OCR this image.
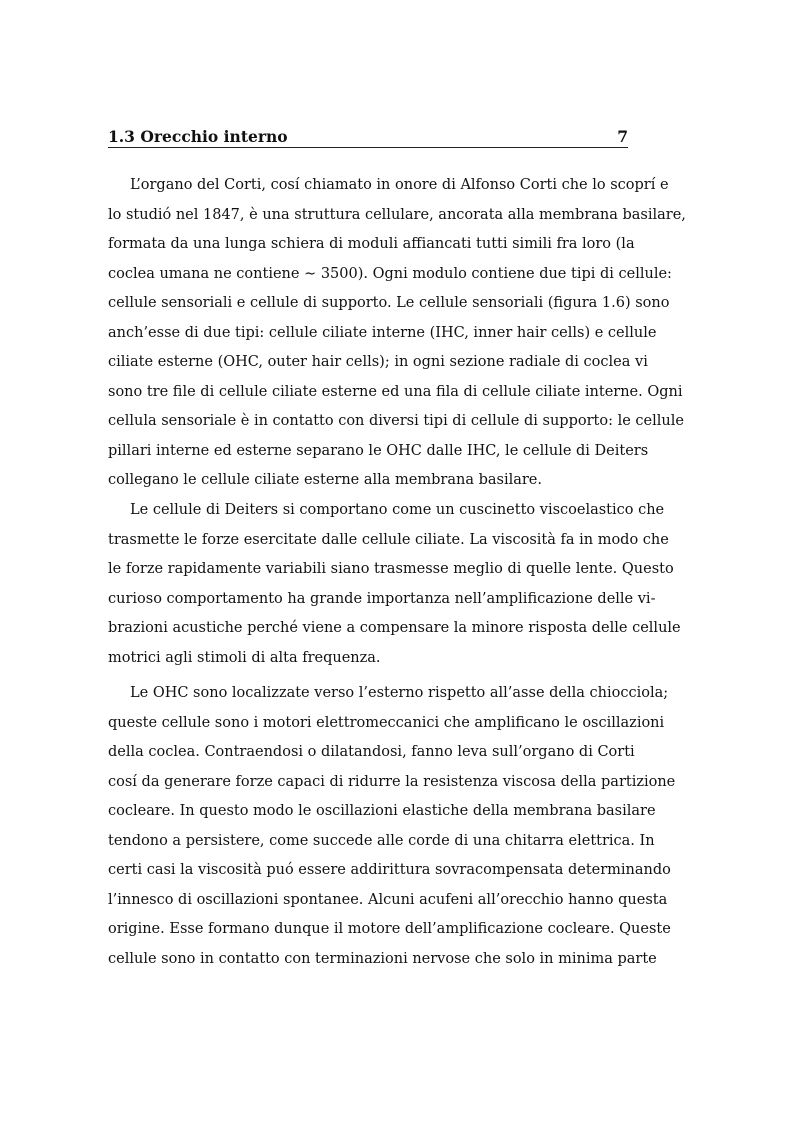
1.3 Orecchio interno	7

L’organo del Corti, cosí chiamato in onore di Alfonso Corti che lo scoprí e
lo studió nel 1847, è una struttura cellulare, ancorata alla membrana basilare,
formata da una lunga schiera di moduli affiancati tutti simili fra loro (la
coclea umana ne contiene ∼ 3500). Ogni modulo contiene due tipi di cellule:
cellule sensoriali e cellule di supporto. Le cellule sensoriali (figura 1.6) sono
anch’esse di due tipi: cellule ciliate interne (IHC, inner hair cells) e cellule
ciliate esterne (OHC, outer hair cells); in ogni sezione radiale di coclea vi
sono tre file di cellule ciliate esterne ed una fila di cellule ciliate interne. Ogni
cellula sensoriale è in contatto con diversi tipi di cellule di supporto: le cellule
pillari interne ed esterne separano le OHC dalle IHC, le cellule di Deiters
collegano le cellule ciliate esterne alla membrana basilare.

Le cellule di Deiters si comportano come un cuscinetto viscoelastico che
trasmette le forze esercitate dalle cellule ciliate. La viscosità fa in modo che
le forze rapidamente variabili siano trasmesse meglio di quelle lente. Questo
curioso comportamento ha grande importanza nell’amplificazione delle vi-
brazioni acustiche perché viene a compensare la minore risposta delle cellule
motrici agli stimoli di alta frequenza.

Le OHC sono localizzate verso l’esterno rispetto all’asse della chiocciola;
queste cellule sono i motori elettromeccanici che amplificano le oscillazioni
della coclea. Contraendosi o dilatandosi, fanno leva sull’organo di Corti
cosí da generare forze capaci di ridurre la resistenza viscosa della partizione
cocleare. In questo modo le oscillazioni elastiche della membrana basilare
tendono a persistere, come succede alle corde di una chitarra elettrica. In
certi casi la viscosità puó essere addirittura sovracompensata determinando
l’innesco di oscillazioni spontanee. Alcuni acufeni all’orecchio hanno questa
origine. Esse formano dunque il motore dell’amplificazione cocleare. Queste
cellule sono in contatto con terminazioni nervose che solo in minima parte
